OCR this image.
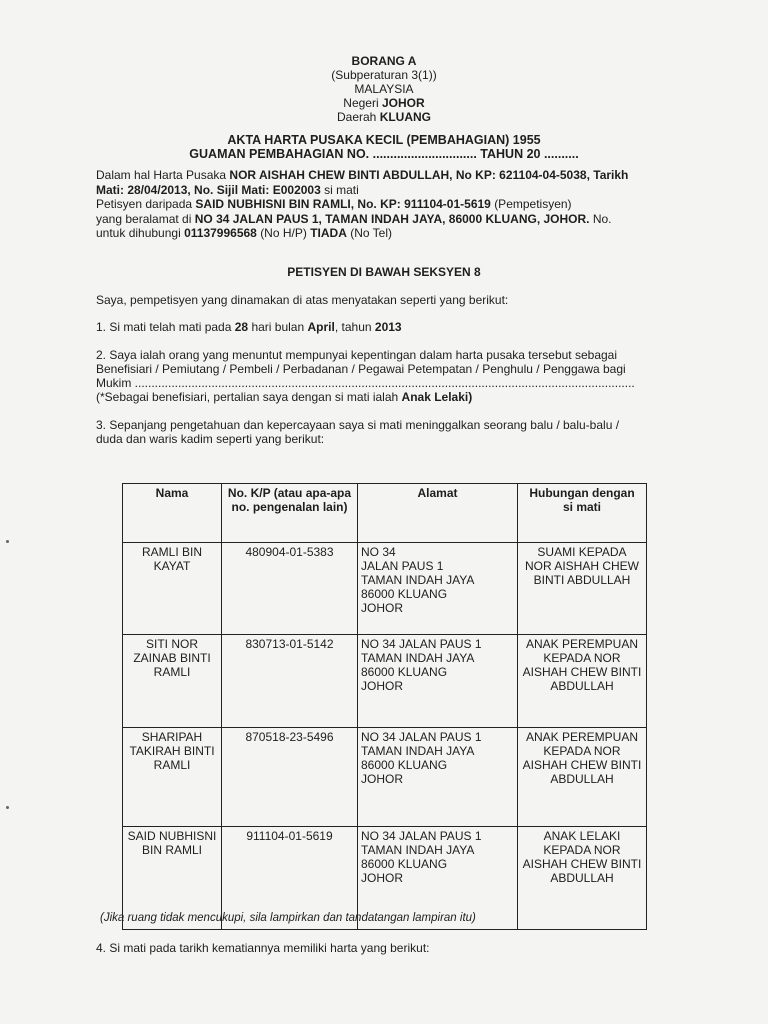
BORANG A
(Subperaturan 3(1))
MALAYSIA
Negeri JOHOR
Daerah KLUANG
AKTA HARTA PUSAKA KECIL (PEMBAHAGIAN) 1955
GUAMAN PEMBAHAGIAN NO. .............................. TAHUN 20 ..........
Dalam hal Harta Pusaka NOR AISHAH CHEW BINTI ABDULLAH, No KP: 621104-04-5038, Tarikh
Mati: 28/04/2013, No. Sijil Mati: E002003 si mati
Petisyen daripada SAID NUBHISNI BIN RAMLI, No. KP: 911104-01-5619 (Pempetisyen)
yang beralamat di NO 34 JALAN PAUS 1, TAMAN INDAH JAYA, 86000 KLUANG, JOHOR. No.
untuk dihubungi 01137996568 (No H/P) TIADA (No Tel)
PETISYEN DI BAWAH SEKSYEN 8
Saya, pempetisyen yang dinamakan di atas menyatakan seperti yang berikut:
1. Si mati telah mati pada 28 hari bulan April, tahun 2013
2. Saya ialah orang yang menuntut mempunyai kepentingan dalam harta pusaka tersebut sebagai
Benefisiari / Pemiutang / Pembeli / Perbadanan / Pegawai Petempatan / Penghulu / Penggawa bagi
Mukim ......................................................................................................................................................
(*Sebagai benefisiari, pertalian saya dengan si mati ialah Anak Lelaki)
3. Sepanjang pengetahuan dan kepercayaan saya si mati meninggalkan seorang balu / balu-balu /
duda dan waris kadim seperti yang berikut:
Nama	No. K/P (atau apa-apa
no. pengenalan lain)	Alamat	Hubungan dengan
si mati

RAMLI BIN
KAYAT	480904-01-5383	NO 34
JALAN PAUS 1
TAMAN INDAH JAYA
86000 KLUANG
JOHOR	SUAMI KEPADA
NOR AISHAH CHEW
BINTI ABDULLAH

SITI NOR
ZAINAB BINTI
RAMLI	830713-01-5142	NO 34 JALAN PAUS 1
TAMAN INDAH JAYA
86000 KLUANG
JOHOR	ANAK PEREMPUAN
KEPADA NOR
AISHAH CHEW BINTI
ABDULLAH

SHARIPAH
TAKIRAH BINTI
RAMLI	870518-23-5496	NO 34 JALAN PAUS 1
TAMAN INDAH JAYA
86000 KLUANG
JOHOR	ANAK PEREMPUAN
KEPADA NOR
AISHAH CHEW BINTI
ABDULLAH

SAID NUBHISNI
BIN RAMLI	911104-01-5619	NO 34 JALAN PAUS 1
TAMAN INDAH JAYA
86000 KLUANG
JOHOR	ANAK LELAKI
KEPADA NOR
AISHAH CHEW BINTI
ABDULLAH
(Jika ruang tidak mencukupi, sila lampirkan dan tandatangan lampiran itu)
4. Si mati pada tarikh kematiannya memiliki harta yang berikut:
